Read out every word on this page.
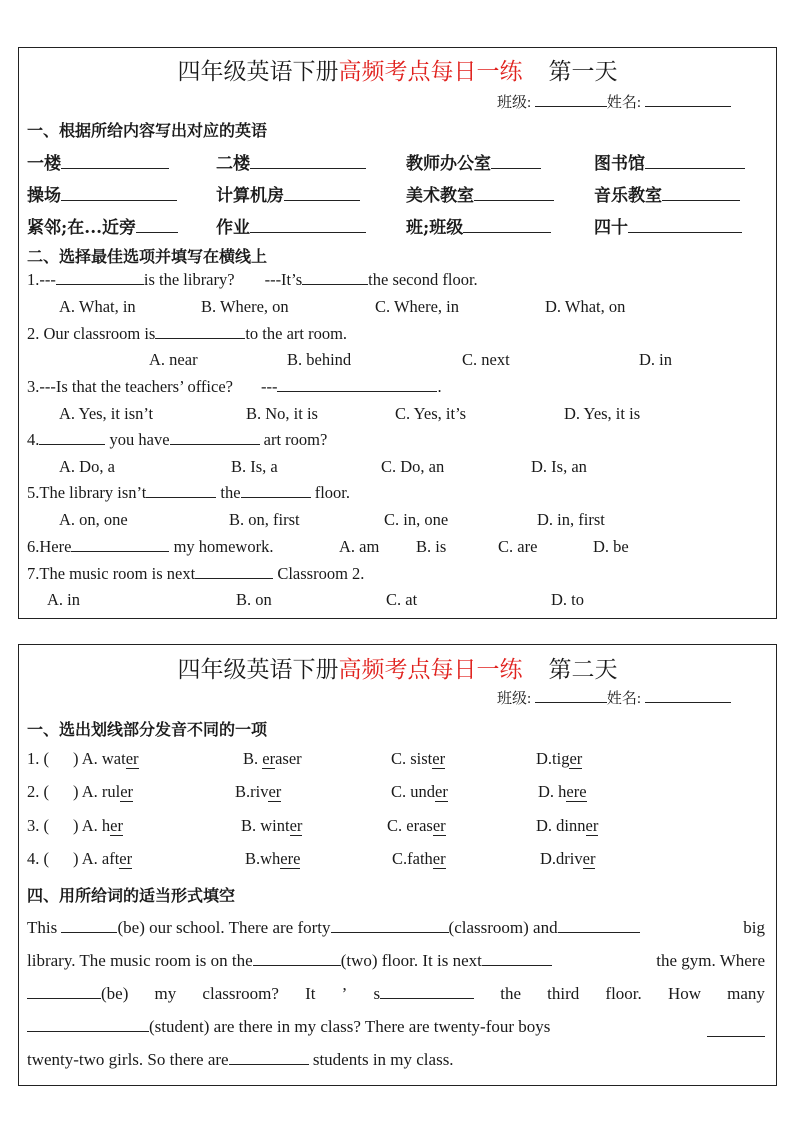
四年级英语下册高频考点每日一练 第一天
班级:	姓名:
一、根据所给内容写出对应的英语
一楼	二楼	教师办公室	图书馆
操场	计算机房	美术教室	音乐教室
紧邻;在...近旁	作业	班;班级	四十
二、选择最佳选项并填写在横线上
1.---	is the library? ---It’s	the second floor.
A. What, in	B. Where, on	C. Where, in	D. What, on
2. Our classroom is	to the art room.
A. near	B. behind	C. next	D. in
3.---Is that the teachers’ office? ---	.
A. Yes, it isn’t	B. No, it is	C. Yes, it’s	D. Yes, it is
4.	you have	art room?
A. Do, a	B. Is, a	C. Do, an	D. Is, an
5.The library isn’t	the	floor.
A. on, one	B. on, first	C. in, one	D. in, first
6.Here	my homework.	A. am B. is	C. are	D. be
7.The music room is next	Classroom 2.
A. in	B. on	C. at	D. to
四年级英语下册高频考点每日一练 第二天
班级:	姓名:
一、选出划线部分发音不同的一项
1. ( ) A. water	B. eraser	C. sister	D.tiger
2. ( ) A. ruler	B.river	C. under	D. here
3. ( ) A. her	B. winter	C. eraser	D. dinner
4. ( ) A. after	B.where	C.father	D.driver
四、用所给词的适当形式填空
This	(be) our school. There are forty	(classroom) and	big
library. The music room is on the	(two) floor. It is next	the gym. Where
(be) my classroom? It ’ s	the third floor. How many
(student) are there in my class? There are twenty-four boys
twenty-two girls. So there are	students in my class.
